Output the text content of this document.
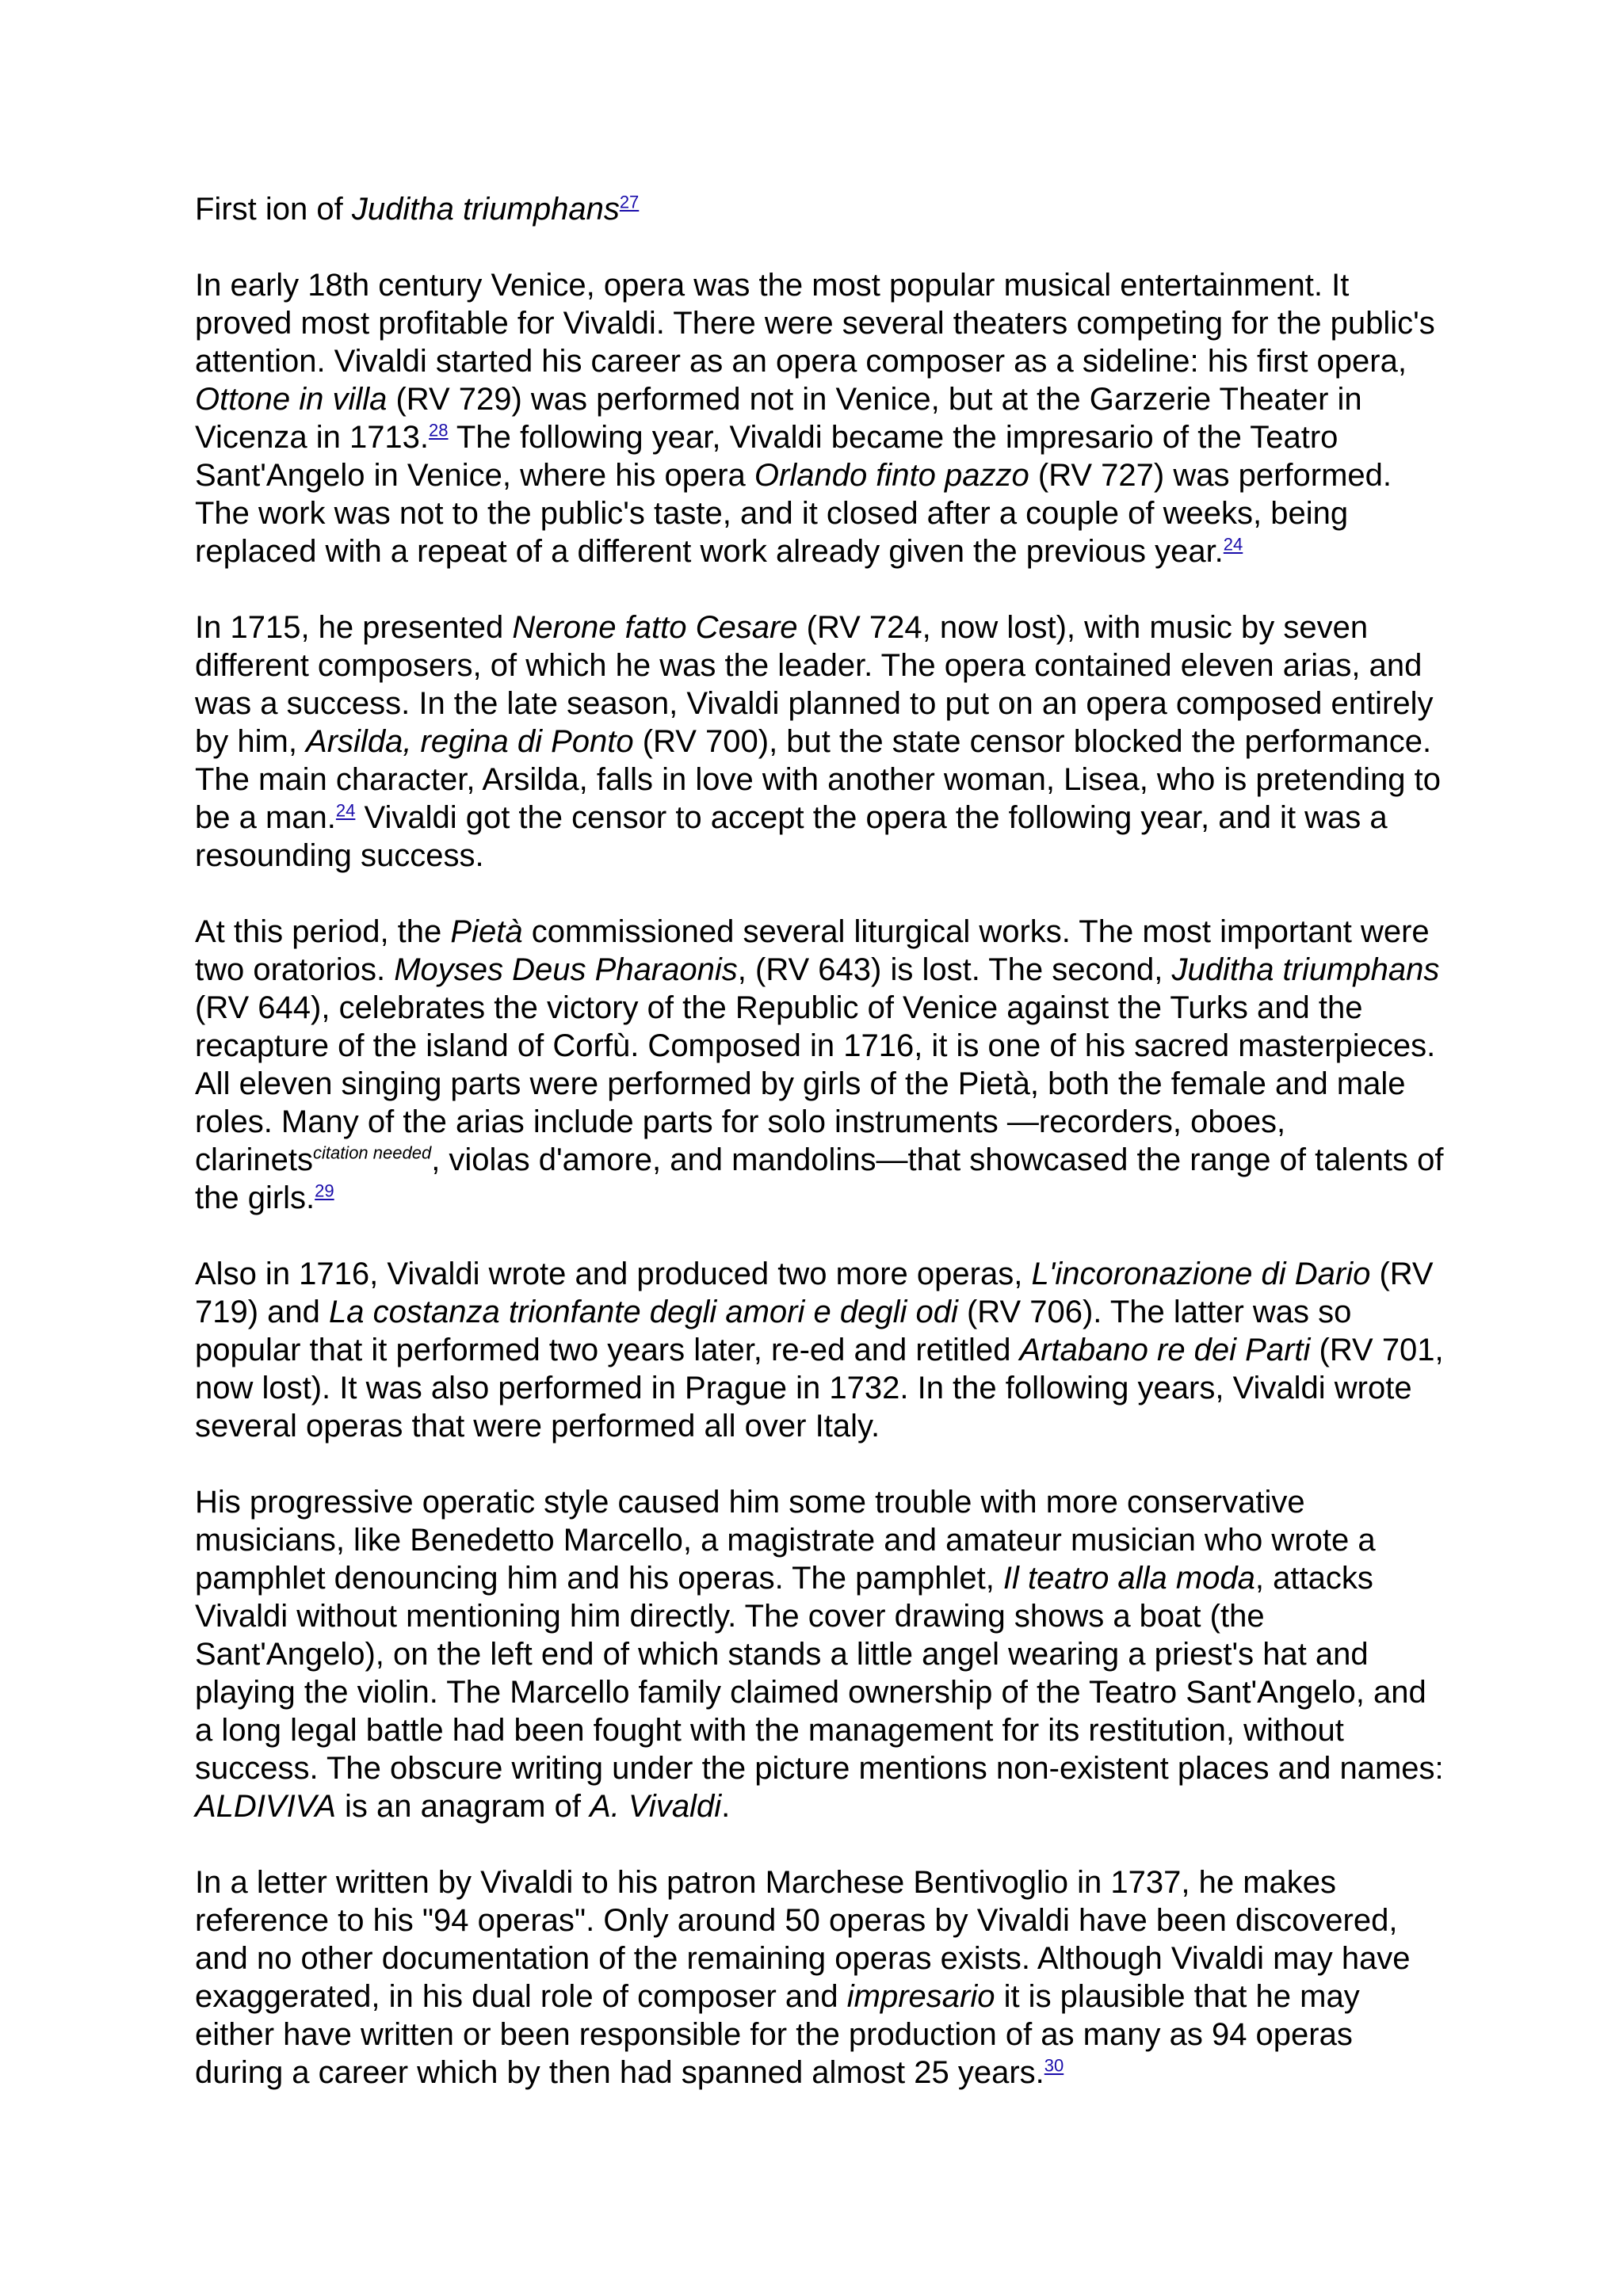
First ion of Juditha triumphans$^{27}$

In early 18th century Venice, opera was the most popular musical entertainment. It proved most profitable for Vivaldi. There were several theaters competing for the public's attention. Vivaldi started his career as an opera composer as a sideline: his first opera, Ottone in villa (RV 729) was performed not in Venice, but at the Garzerie Theater in Vicenza in 1713.28 The following year, Vivaldi became the impresario of the Teatro Sant'Angelo in Venice, where his opera Orlando finto pazzo (RV 727) was performed. The work was not to the public's taste, and it closed after a couple of weeks, being replaced with a repeat of a different work already given the previous year.$^{24}$

In 1715, he presented Nerone fatto Cesare (RV 724, now lost), with music by seven different composers, of which he was the leader. The opera contained eleven arias, and was a success. In the late season, Vivaldi planned to put on an opera composed entirely by him, Arsilda, regina di Ponto (RV 700), but the state censor blocked the performance. The main character, Arsilda, falls in love with another woman, Lisea, who is pretending to be a man.$^{24}$ Vivaldi got the censor to accept the opera the following year, and it was a resounding success.

At this period, the Pietà commissioned several liturgical works. The most important were two oratorios. Moyses Deus Pharaonis, (RV 643) is lost. The second, Juditha triumphans (RV 644), celebrates the victory of the Republic of Venice against the Turks and the recapture of the island of Corfù. Composed in 1716, it is one of his sacred masterpieces. All eleven singing parts were performed by girls of the Pietà, both the female and male roles. Many of the arias include parts for solo instruments —recorders, oboes, clarinets$^{citation needed}$, violas d'amore, and mandolins—that showcased the range of talents of the girls.$^{29}$

Also in 1716, Vivaldi wrote and produced two more operas, L'incoronazione di Dario (RV 719) and La costanza trionfante degli amori e degli odi (RV 706). The latter was so popular that it performed two years later, re-ed and retitled Artabano re dei Parti (RV 701, now lost). It was also performed in Prague in 1732. In the following years, Vivaldi wrote several operas that were performed all over Italy.

His progressive operatic style caused him some trouble with more conservative musicians, like Benedetto Marcello, a magistrate and amateur musician who wrote a pamphlet denouncing him and his operas. The pamphlet, Il teatro alla moda, attacks Vivaldi without mentioning him directly. The cover drawing shows a boat (the Sant'Angelo), on the left end of which stands a little angel wearing a priest's hat and playing the violin. The Marcello family claimed ownership of the Teatro Sant'Angelo, and a long legal battle had been fought with the management for its restitution, without success. The obscure writing under the picture mentions non-existent places and names: ALDIVIVA is an anagram of A. Vivaldi.

In a letter written by Vivaldi to his patron Marchese Bentivoglio in 1737, he makes reference to his "94 operas". Only around 50 operas by Vivaldi have been discovered, and no other documentation of the remaining operas exists. Although Vivaldi may have exaggerated, in his dual role of composer and impresario it is plausible that he may either have written or been responsible for the production of as many as 94 operas during a career which by then had spanned almost 25 years.$^{30}$
